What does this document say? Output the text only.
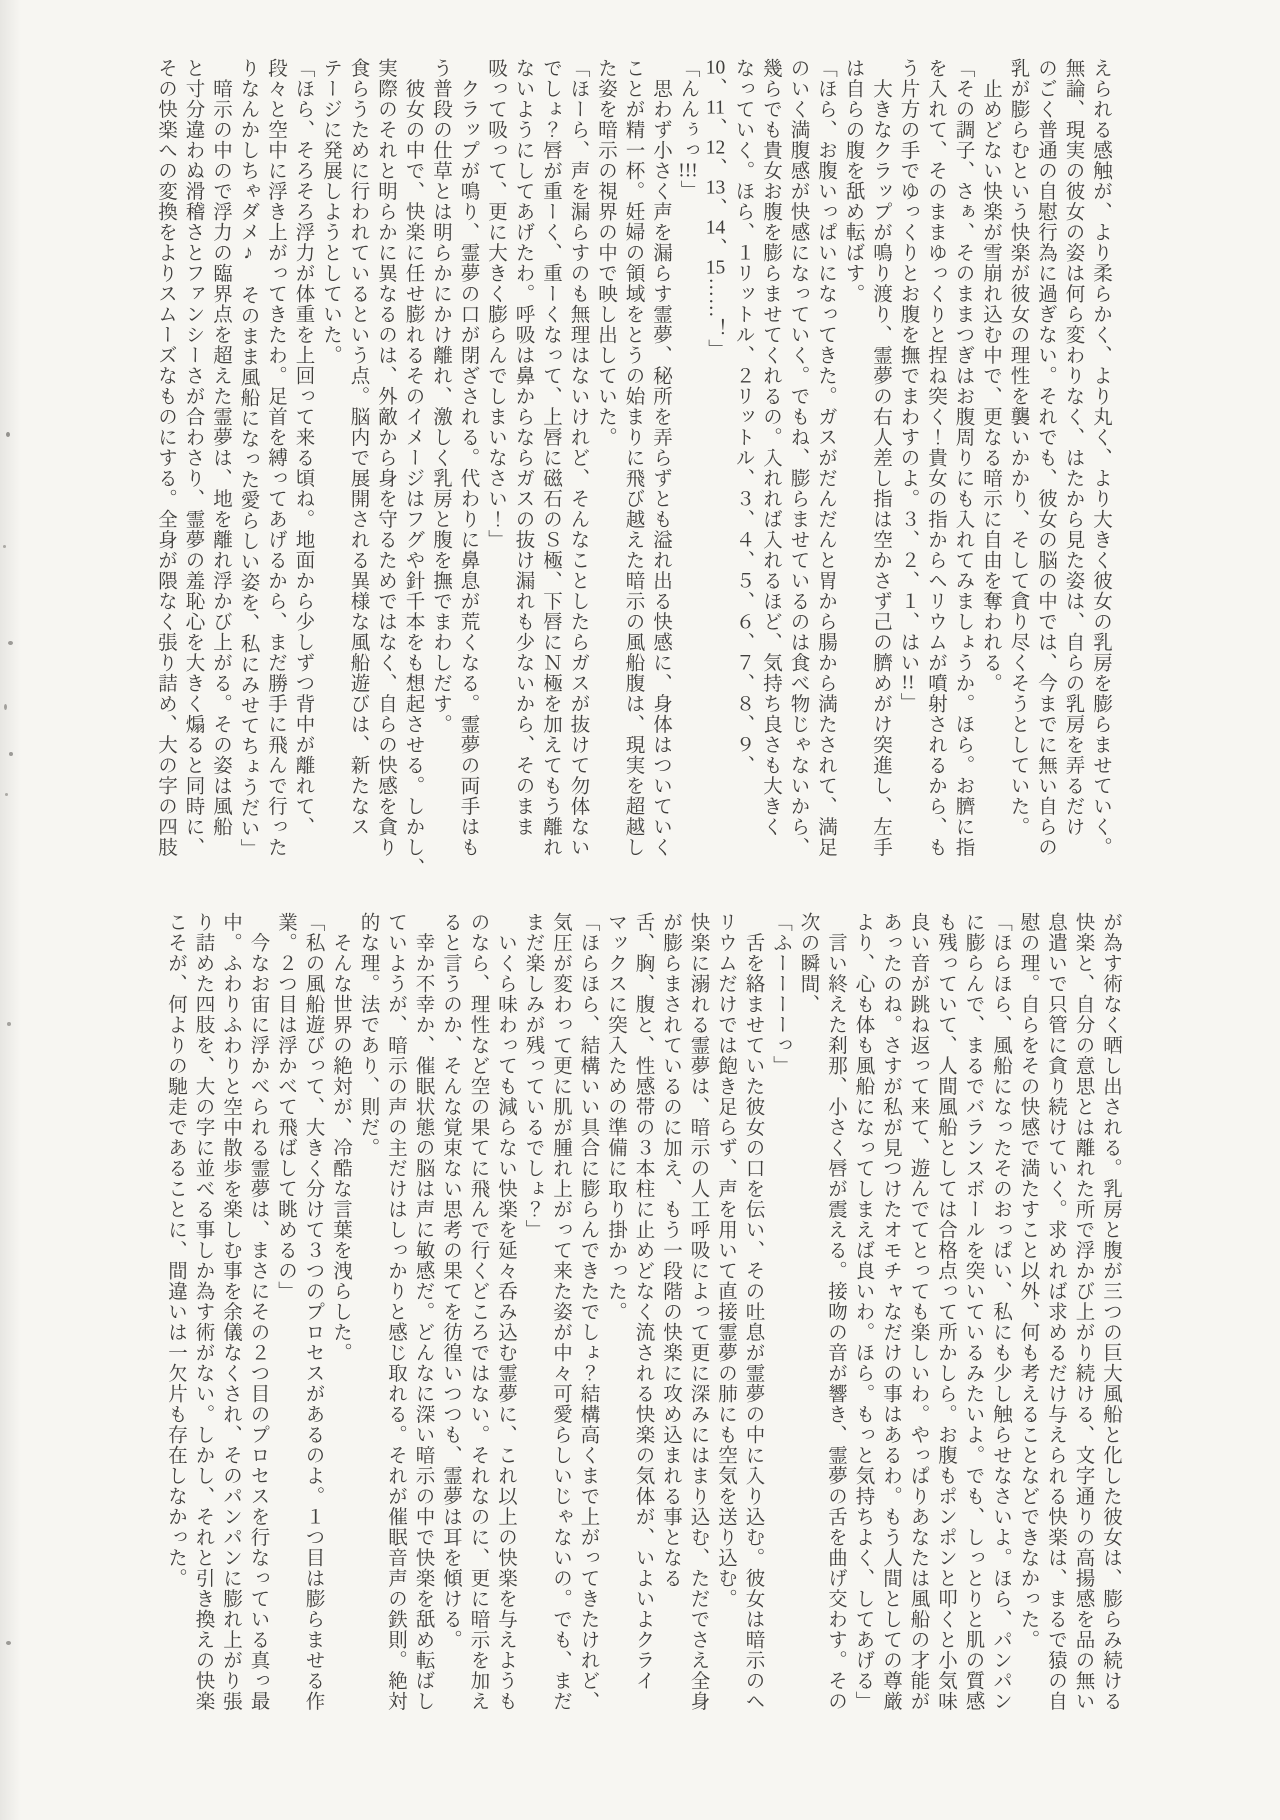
えられる感触が、より柔らかく、より丸く、より大きく彼女の乳房を膨らませていく。

無論、現実の彼女の姿は何ら変わりなく、はたから見た姿は、自らの乳房を弄るだけ

のごく普通の自慰行為に過ぎない。それでも、彼女の脳の中では、今までに無い自らの

乳が膨らむという快楽が彼女の理性を襲いかかり、そして貪り尽くそうとしていた。

　止めどない快楽が雪崩れ込む中で、更なる暗示に自由を奪われる。

「その調子、さぁ、そのままつぎはお腹周りにも入れてみましょうか。ほら。お臍に指

を入れて、そのままゆっくりと捏ね突く！貴女の指からヘリウムが噴射されるから、も

う片方の手でゆっくりとお腹を撫でまわすのよ。３、２、１、はい!!」

　大きなクラップが鳴り渡り、霊夢の右人差し指は空かさず己の臍めがけ突進し、左手

は自らの腹を舐め転ばす。

「ほら、お腹いっぱいになってきた。ガスがだんだんと胃から腸から満たされて、満足

のいく満腹感が快感になっていく。でもね、膨らませているのは食べ物じゃないから、

幾らでも貴女お腹を膨らませてくれるの。入れれば入れるほど、気持ち良さも大きく

なっていく。ほら、１リットル、２リットル、３、４、５、６、７、８、９、

10、11、12、13、14、15……！」

「んんぅっ!!!」

　思わず小さく声を漏らす霊夢、秘所を弄らずとも溢れ出る快感に、身体はついていく

ことが精一杯。妊婦の領域をとうの始まりに飛び越えた暗示の風船腹は、現実を超越し

た姿を暗示の視界の中で映し出していた。

「ほーら、声を漏らすのも無理はないけれど、そんなことしたらガスが抜けて勿体ない

でしょ？唇が重ーく、重ーくなって、上唇に磁石のＳ極、下唇にＮ極を加えてもう離れ

ないようにしてあげたわ。呼吸は鼻からならガスの抜け漏れも少ないから、そのまま

吸って吸って、更に大きく膨らんでしまいなさい！」

　クラップが鳴り、霊夢の口が閉ざされる。代わりに鼻息が荒くなる。霊夢の両手はも

う普段の仕草とは明らかにかけ離れ、激しく乳房と腹を撫でまわしだす。

　彼女の中で、快楽に任せ膨れるそのイメージはフグや針千本をも想起させる。しかし、

実際のそれと明らかに異なるのは、外敵から身を守るためではなく、自らの快感を貪り

食らうために行われているという点。脳内で展開される異様な風船遊びは、新たなス

テージに発展しようとしていた。

「ほら、そろそろ浮力が体重を上回って来る頃ね。地面から少しずつ背中が離れて、

段々と空中に浮き上がってきたわ。足首を縛ってあげるから、まだ勝手に飛んで行った

りなんかしちゃダメ♪　そのまま風船になった愛らしい姿を、私にみせてちょうだい」

　暗示の中ので浮力の臨界点を超えた霊夢は、地を離れ浮かび上がる。その姿は風船

と寸分違わぬ滑稽さとファンシーさが合わさり、霊夢の羞恥心を大きく煽ると同時に、

その快楽への変換をよりスムーズなものにする。全身が隈なく張り詰め、大の字の四肢

が為す術なく晒し出される。乳房と腹が三つの巨大風船と化した彼女は、膨らみ続ける

快楽と、自分の意思とは離れた所で浮かび上がり続ける、文字通りの高揚感を品の無い

息遣いで只管に貪り続けていく。求めれば求めるだけ与えられる快楽は、まるで猿の自

慰の理。自らをその快感で満たすこと以外、何も考えることなどできなかった。

「ほらほら、風船になったそのおっぱい、私にも少し触らせなさいよ。ほら、パンパン

に膨らんで、まるでバランスボールを突いているみたいよ。でも、しっとりと肌の質感

も残っていて、人間風船としては合格点って所かしら。お腹もポンポンと叩くと小気味

良い音が跳ね返って来て、遊んでてとっても楽しいわ。やっぱりあなたは風船の才能が

あったのね。さすが私が見つけたオモチャなだけの事はあるわ。もう人間としての尊厳

より、心も体も風船になってしまえば良いわ。ほら。もっと気持ちよく、してあげる」

　言い終えた刹那、小さく唇が震える。接吻の音が響き、霊夢の舌を曲げ交わす。その

次の瞬間、

「ふーーーーっ」

　舌を絡ませていた彼女の口を伝い、その吐息が霊夢の中に入り込む。彼女は暗示のヘ

リウムだけでは飽き足らず、声を用いて直接霊夢の肺にも空気を送り込む。

快楽に溺れる霊夢は、暗示の人工呼吸によって更に深みにはまり込む、ただでさえ全身

が膨らまされているのに加え、もう一段階の快楽に攻め込まれる事となる

舌、胸、腹と、性感帯の３本柱に止めどなく流される快楽の気体が、いよいよクライ

マックスに突入ための準備に取り掛かった。

「ほらほら、結構いい具合に膨らんできたでしょ？結構高くまで上がってきたけれど、

気圧が変わって更に肌が腫れ上がって来た姿が中々可愛らしいじゃないの。でも、まだ

まだ楽しみが残っているでしょ？」

　いくら味わっても減らない快楽を延々呑み込む霊夢に、これ以上の快楽を与えようも

のなら、理性など空の果てに飛んで行くどころではない。それなのに、更に暗示を加え

ると言うのか、そんな覚束ない思考の果てを彷徨いつつも、霊夢は耳を傾ける。

　幸か不幸か、催眠状態の脳は声に敏感だ。どんなに深い暗示の中で快楽を舐め転ばし

ていようが、暗示の声の主だけはしっかりと感じ取れる。それが催眠音声の鉄則。絶対

的な理。法であり、則だ。

　そんな世界の絶対が、冷酷な言葉を洩らした。

「私の風船遊びって、大きく分けて３つのプロセスがあるのよ。１つ目は膨らませる作

業。２つ目は浮かべて飛ばして眺めるの」

　今なお宙に浮かべられる霊夢は、まさにその２つ目のプロセスを行なっている真っ最

中。ふわりふわりと空中散歩を楽しむ事を余儀なくされ、そのパンパンに膨れ上がり張

り詰めた四肢を、大の字に並べる事しか為す術がない。しかし、それと引き換えの快楽

こそが、何よりの馳走であることに、間違いは一欠片も存在しなかった。
